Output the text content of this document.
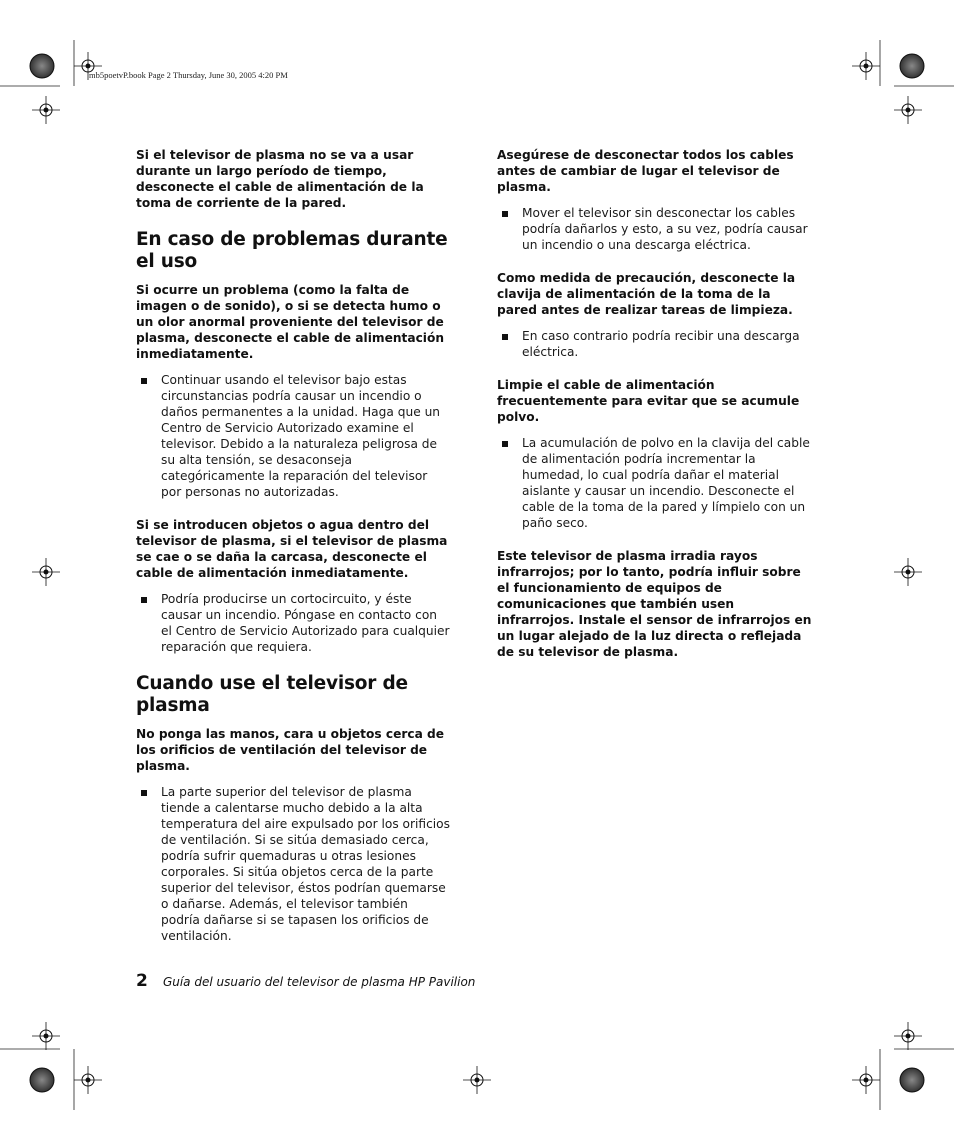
mb5poetvP.book Page 2 Thursday, June 30, 2005 4:20 PM

Si el televisor de plasma no se va a usar durante un largo período de tiempo, desconecte el cable de alimentación de la toma de corriente de la pared.

En caso de problemas durante el uso

Si ocurre un problema (como la falta de imagen o de sonido), o si se detecta humo o un olor anormal proveniente del televisor de plasma, desconecte el cable de alimentación inmediatamente.

Continuar usando el televisor bajo estas circunstancias podría causar un incendio o daños permanentes a la unidad. Haga que un Centro de Servicio Autorizado examine el televisor. Debido a la naturaleza peligrosa de su alta tensión, se desaconseja categóricamente la reparación del televisor por personas no autorizadas.

Si se introducen objetos o agua dentro del televisor de plasma, si el televisor de plasma se cae o se daña la carcasa, desconecte el cable de alimentación inmediatamente.

Podría producirse un cortocircuito, y éste causar un incendio. Póngase en contacto con el Centro de Servicio Autorizado para cualquier reparación que requiera.
Cuando use el televisor de plasma

No ponga las manos, cara u objetos cerca de los orificios de ventilación del televisor de plasma.

La parte superior del televisor de plasma tiende a calentarse mucho debido a la alta temperatura del aire expulsado por los orificios de ventilación. Si se sitúa demasiado cerca, podría sufrir quemaduras u otras lesiones corporales. Si sitúa objetos cerca de la parte superior del televisor, éstos podrían quemarse o dañarse. Además, el televisor también podría dañarse si se tapasen los orificios de ventilación.

Asegúrese de desconectar todos los cables antes de cambiar de lugar el televisor de plasma.

Mover el televisor sin desconectar los cables podría dañarlos y esto, a su vez, podría causar un incendio o una descarga eléctrica.

Como medida de precaución, desconecte la clavija de alimentación de la toma de la pared antes de realizar tareas de limpieza.

En caso contrario podría recibir una descarga eléctrica.

Limpie el cable de alimentación frecuentemente para evitar que se acumule polvo.

La acumulación de polvo en la clavija del cable de alimentación podría incrementar la humedad, lo cual podría dañar el material aislante y causar un incendio. Desconecte el cable de la toma de la pared y límpielo con un paño seco.

Este televisor de plasma irradia rayos infrarrojos; por lo tanto, podría influir sobre el funcionamiento de equipos de comunicaciones que también usen infrarrojos. Instale el sensor de infrarrojos en un lugar alejado de la luz directa o reflejada de su televisor de plasma.

2 Guía del usuario del televisor de plasma HP Pavilion
